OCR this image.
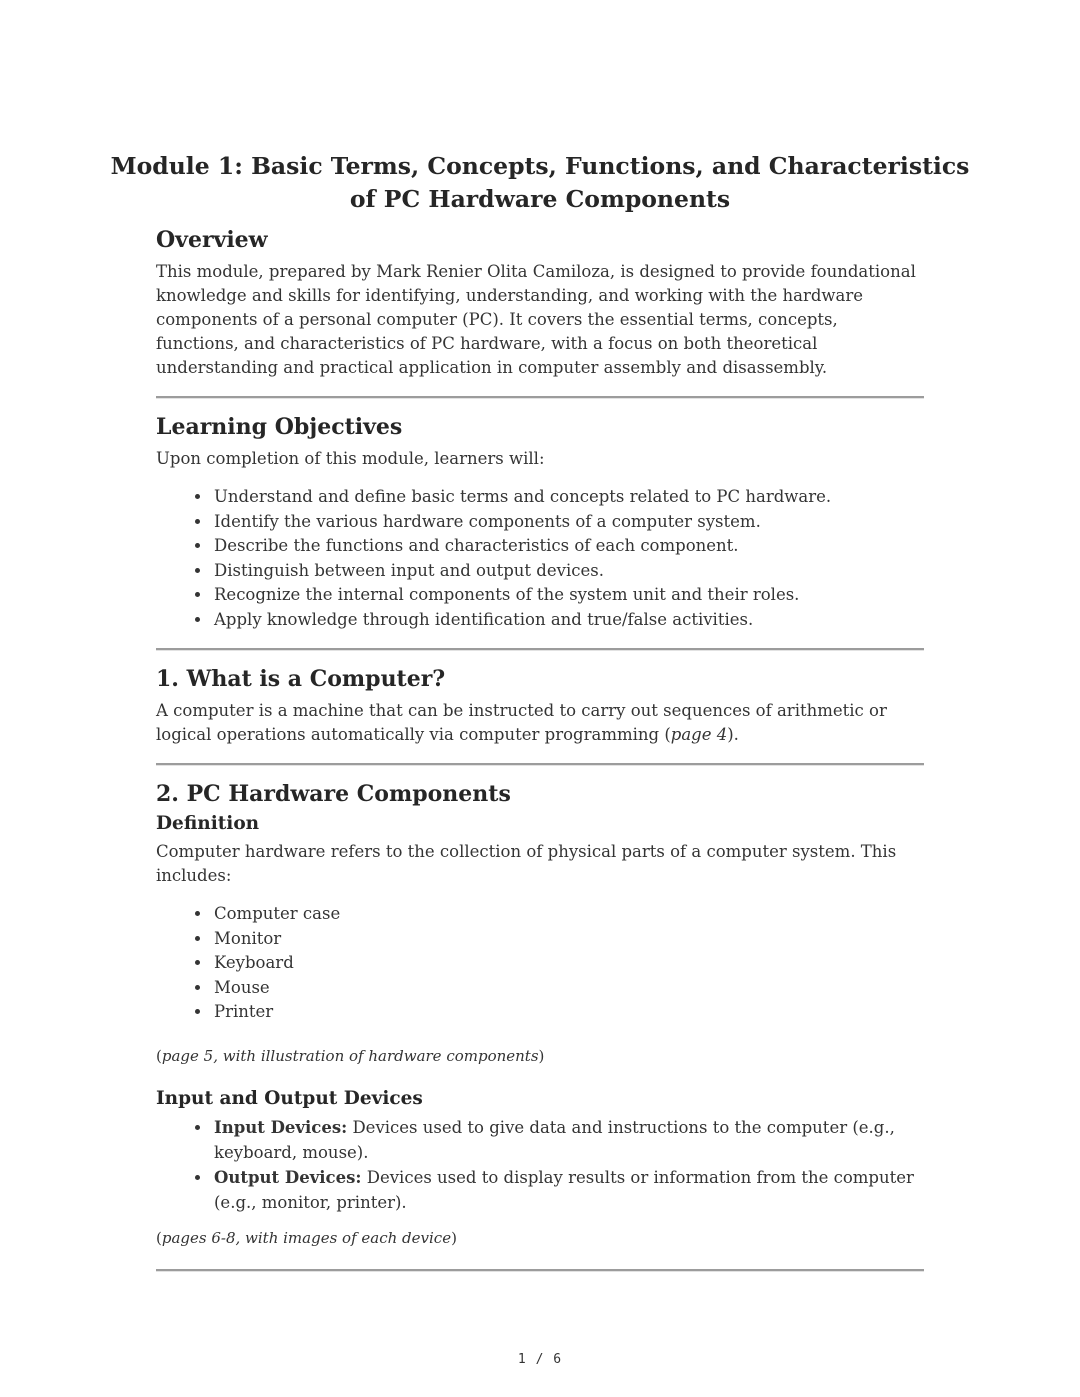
Module 1: Basic Terms, Concepts, Functions, and Characteristics
of PC Hardware Components
Overview

This module, prepared by Mark Renier Olita Camiloza, is designed to provide foundational knowledge and skills for identifying, understanding, and working with the hardware components of a personal computer (PC). It covers the essential terms, concepts, functions, and characteristics of PC hardware, with a focus on both theoretical understanding and practical application in computer assembly and disassembly.

Learning Objectives

Upon completion of this module, learners will:

• Understand and define basic terms and concepts related to PC hardware.
• Identify the various hardware components of a computer system.
• Describe the functions and characteristics of each component.
• Distinguish between input and output devices.
• Recognize the internal components of the system unit and their roles.
• Apply knowledge through identification and true/false activities.
1. What is a Computer?

A computer is a machine that can be instructed to carry out sequences of arithmetic or logical operations automatically via computer programming (page 4).

2. PC Hardware Components
Definition

Computer hardware refers to the collection of physical parts of a computer system. This includes:

• Computer case
• Monitor
• Keyboard
• Mouse
• Printer

(page 5, with illustration of hardware components)

Input and Output Devices
• Input Devices: Devices used to give data and instructions to the computer (e.g., keyboard, mouse).
• Output Devices: Devices used to display results or information from the computer (e.g., monitor, printer).

(pages 6-8, with images of each device)

1 / 6
